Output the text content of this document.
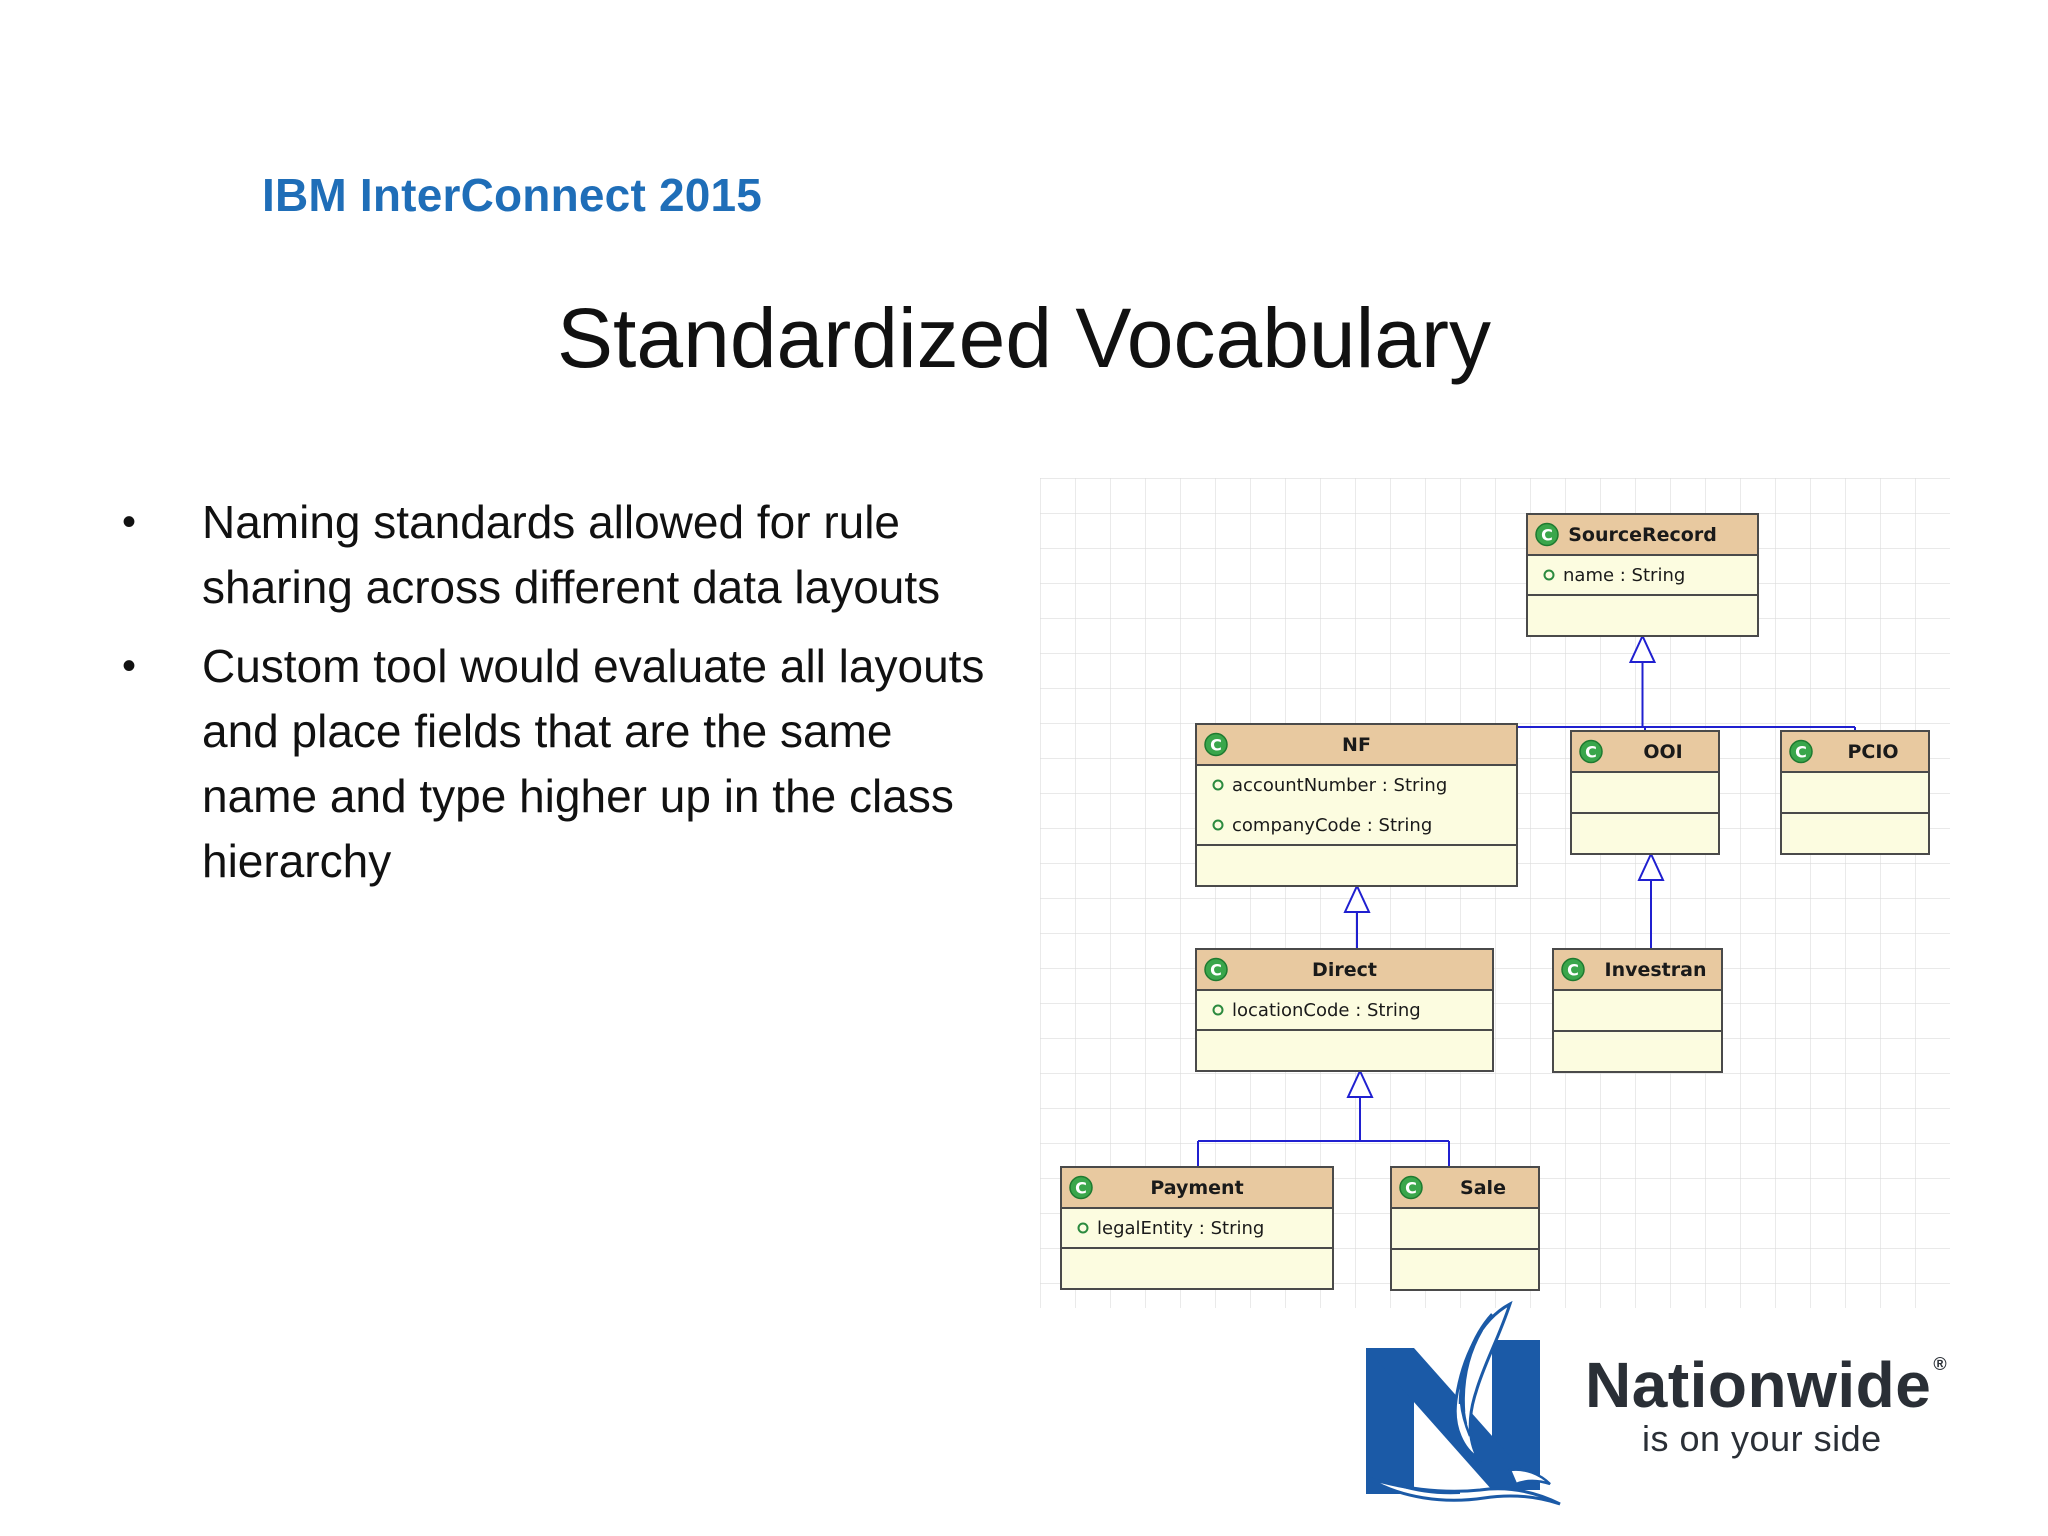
IBM InterConnect 2015
Standardized Vocabulary
• Naming standards allowed for rule sharing across different data layouts
• Custom tool would evaluate all layouts and place fields that are the same name and type higher up in the class hierarchy
C SourceRecord
name : String
C	NF
accountNumber : String
companyCode : String
C OOI	C PCIO
C	Direct
locationCode : String
C Investran
C	Payment
legalEntity : String
C Sale
Nationwide ®
is on your side
